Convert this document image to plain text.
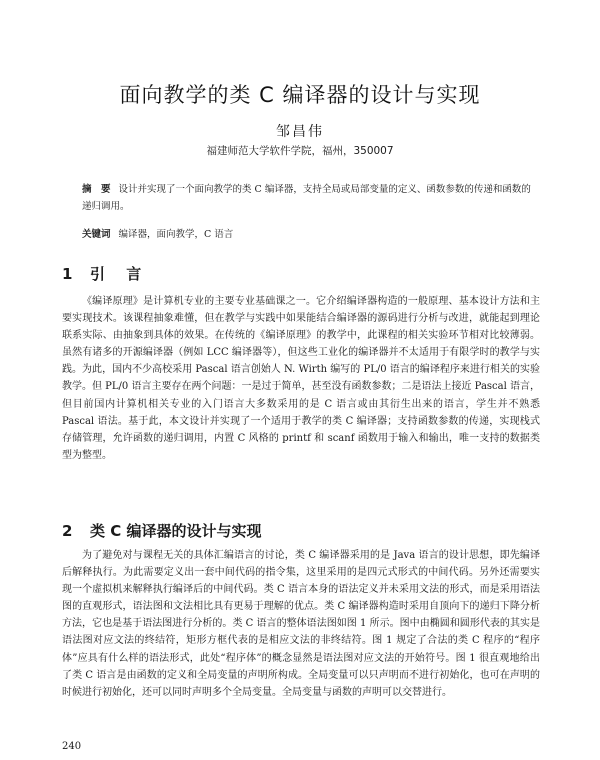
面向教学的类 C 编译器的设计与实现
邹昌伟
福建师范大学软件学院，福州，350007
摘　要 设计并实现了一个面向教学的类 C 编译器，支持全局或局部变量的定义、函数参数的传递和函数的递归调用。
关键词 编译器，面向教学，C 语言
1 引 言
《编译原理》是计算机专业的主要专业基础课之一。它介绍编译器构造的一般原理、基本设计方法和主要实现技术。该课程抽象难懂，但在教学与实践中如果能结合编译器的源码进行分析与改进，就能起到理论联系实际、由抽象到具体的效果。在传统的《编译原理》的教学中，此课程的相关实验环节相对比较薄弱。虽然有诸多的开源编译器（例如 LCC 编译器等），但这些工业化的编译器并不太适用于有限学时的教学与实践。为此，国内不少高校采用 Pascal 语言创始人 N. Wirth 编写的 PL/0 语言的编译程序来进行相关的实验教学。但 PL/0 语言主要存在两个问题：一是过于简单，甚至没有函数参数；二是语法上接近 Pascal 语言，但目前国内计算机相关专业的入门语言大多数采用的是 C 语言或由其衍生出来的语言，学生并不熟悉 Pascal 语法。基于此，本文设计并实现了一个适用于教学的类 C 编译器；支持函数参数的传递，实现栈式存储管理，允许函数的递归调用，内置 C 风格的 printf 和 scanf 函数用于输入和输出，唯一支持的数据类型为整型。
2 类 C 编译器的设计与实现
为了避免对与课程无关的具体汇编语言的讨论，类 C 编译器采用的是 Java 语言的设计思想，即先编译后解释执行。为此需要定义出一套中间代码的指令集，这里采用的是四元式形式的中间代码。另外还需要实现一个虚拟机来解释执行编译后的中间代码。类 C 语言本身的语法定义并未采用文法的形式，而是采用语法图的直观形式，语法图和文法相比具有更易于理解的优点。类 C 编译器构造时采用自顶向下的递归下降分析方法，它也是基于语法图进行分析的。类 C 语言的整体语法图如图 1 所示。图中由椭圆和圆形代表的其实是语法图对应文法的终结符，矩形方框代表的是相应文法的非终结符。图 1 规定了合法的类 C 程序的“程序体”应具有什么样的语法形式，此处“程序体”的概念显然是语法图对应文法的开始符号。图 1 很直观地给出了类 C 语言是由函数的定义和全局变量的声明所构成。全局变量可以只声明而不进行初始化，也可在声明的时候进行初始化，还可以同时声明多个全局变量。全局变量与函数的声明可以交替进行。
240
